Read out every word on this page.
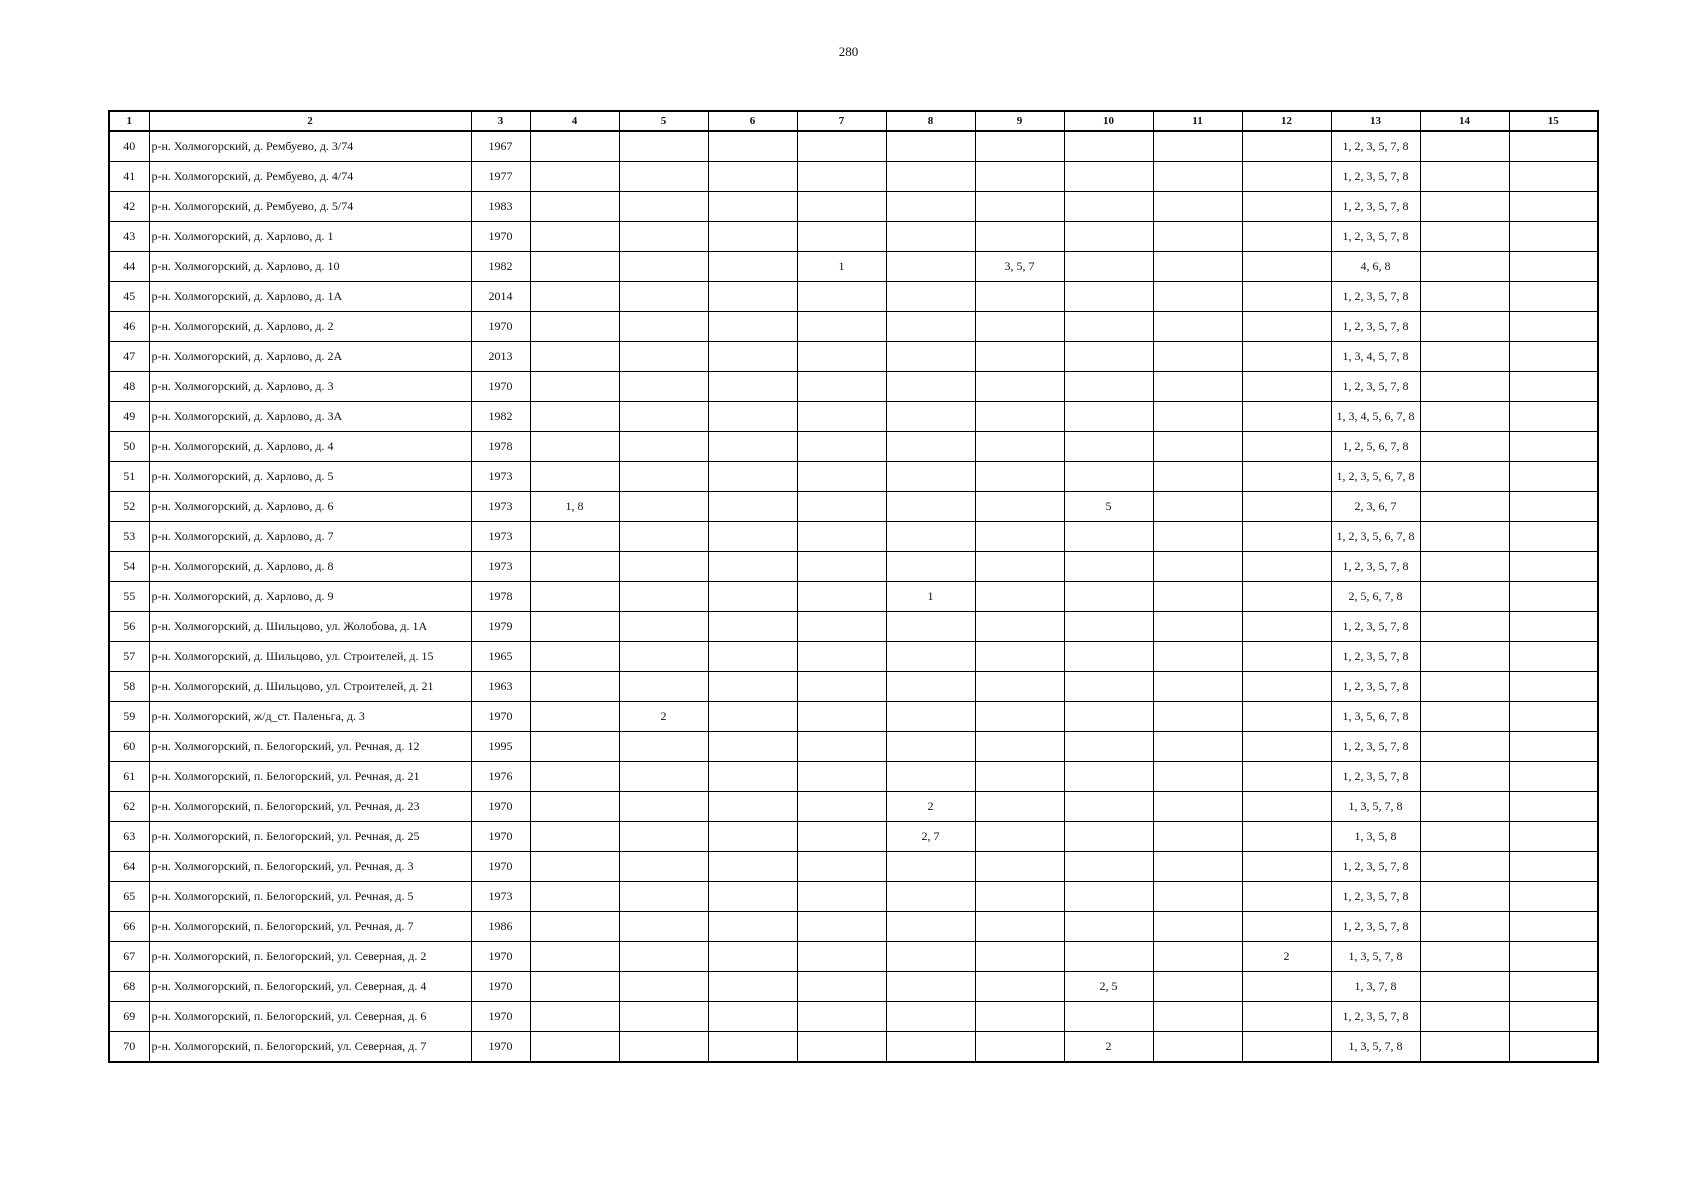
280
1	2	3	4	5	6	7	8	9	10	11	12	13	14	15
40	р-н. Холмогорский, д. Рембуево, д. 3/74	1967										1, 2, 3, 5, 7, 8		
41	р-н. Холмогорский, д. Рембуево, д. 4/74	1977										1, 2, 3, 5, 7, 8		
42	р-н. Холмогорский, д. Рембуево, д. 5/74	1983										1, 2, 3, 5, 7, 8		
43	р-н. Холмогорский, д. Харлово, д. 1	1970										1, 2, 3, 5, 7, 8		
44	р-н. Холмогорский, д. Харлово, д. 10	1982				1		3, 5, 7				4, 6, 8		
45	р-н. Холмогорский, д. Харлово, д. 1А	2014										1, 2, 3, 5, 7, 8		
46	р-н. Холмогорский, д. Харлово, д. 2	1970										1, 2, 3, 5, 7, 8		
47	р-н. Холмогорский, д. Харлово, д. 2А	2013										1, 3, 4, 5, 7, 8		
48	р-н. Холмогорский, д. Харлово, д. 3	1970										1, 2, 3, 5, 7, 8		
49	р-н. Холмогорский, д. Харлово, д. 3А	1982										1, 3, 4, 5, 6, 7, 8		
50	р-н. Холмогорский, д. Харлово, д. 4	1978										1, 2, 5, 6, 7, 8		
51	р-н. Холмогорский, д. Харлово, д. 5	1973										1, 2, 3, 5, 6, 7, 8		
52	р-н. Холмогорский, д. Харлово, д. 6	1973	1, 8						5			2, 3, 6, 7		
53	р-н. Холмогорский, д. Харлово, д. 7	1973										1, 2, 3, 5, 6, 7, 8		
54	р-н. Холмогорский, д. Харлово, д. 8	1973										1, 2, 3, 5, 7, 8		
55	р-н. Холмогорский, д. Харлово, д. 9	1978					1					2, 5, 6, 7, 8		
56	р-н. Холмогорский, д. Шильцово, ул. Жолобова, д. 1А	1979										1, 2, 3, 5, 7, 8		
57	р-н. Холмогорский, д. Шильцово, ул. Строителей, д. 15	1965										1, 2, 3, 5, 7, 8		
58	р-н. Холмогорский, д. Шильцово, ул. Строителей, д. 21	1963										1, 2, 3, 5, 7, 8		
59	р-н. Холмогорский, ж/д_ст. Паленьга, д. 3	1970		2								1, 3, 5, 6, 7, 8		
60	р-н. Холмогорский, п. Белогорский, ул. Речная, д. 12	1995										1, 2, 3, 5, 7, 8		
61	р-н. Холмогорский, п. Белогорский, ул. Речная, д. 21	1976										1, 2, 3, 5, 7, 8		
62	р-н. Холмогорский, п. Белогорский, ул. Речная, д. 23	1970					2					1, 3, 5, 7, 8		
63	р-н. Холмогорский, п. Белогорский, ул. Речная, д. 25	1970					2, 7					1, 3, 5, 8		
64	р-н. Холмогорский, п. Белогорский, ул. Речная, д. 3	1970										1, 2, 3, 5, 7, 8		
65	р-н. Холмогорский, п. Белогорский, ул. Речная, д. 5	1973										1, 2, 3, 5, 7, 8		
66	р-н. Холмогорский, п. Белогорский, ул. Речная, д. 7	1986										1, 2, 3, 5, 7, 8		
67	р-н. Холмогорский, п. Белогорский, ул. Северная, д. 2	1970									2	1, 3, 5, 7, 8		
68	р-н. Холмогорский, п. Белогорский, ул. Северная, д. 4	1970							2, 5			1, 3, 7, 8		
69	р-н. Холмогорский, п. Белогорский, ул. Северная, д. 6	1970										1, 2, 3, 5, 7, 8		
70	р-н. Холмогорский, п. Белогорский, ул. Северная, д. 7	1970							2			1, 3, 5, 7, 8		
